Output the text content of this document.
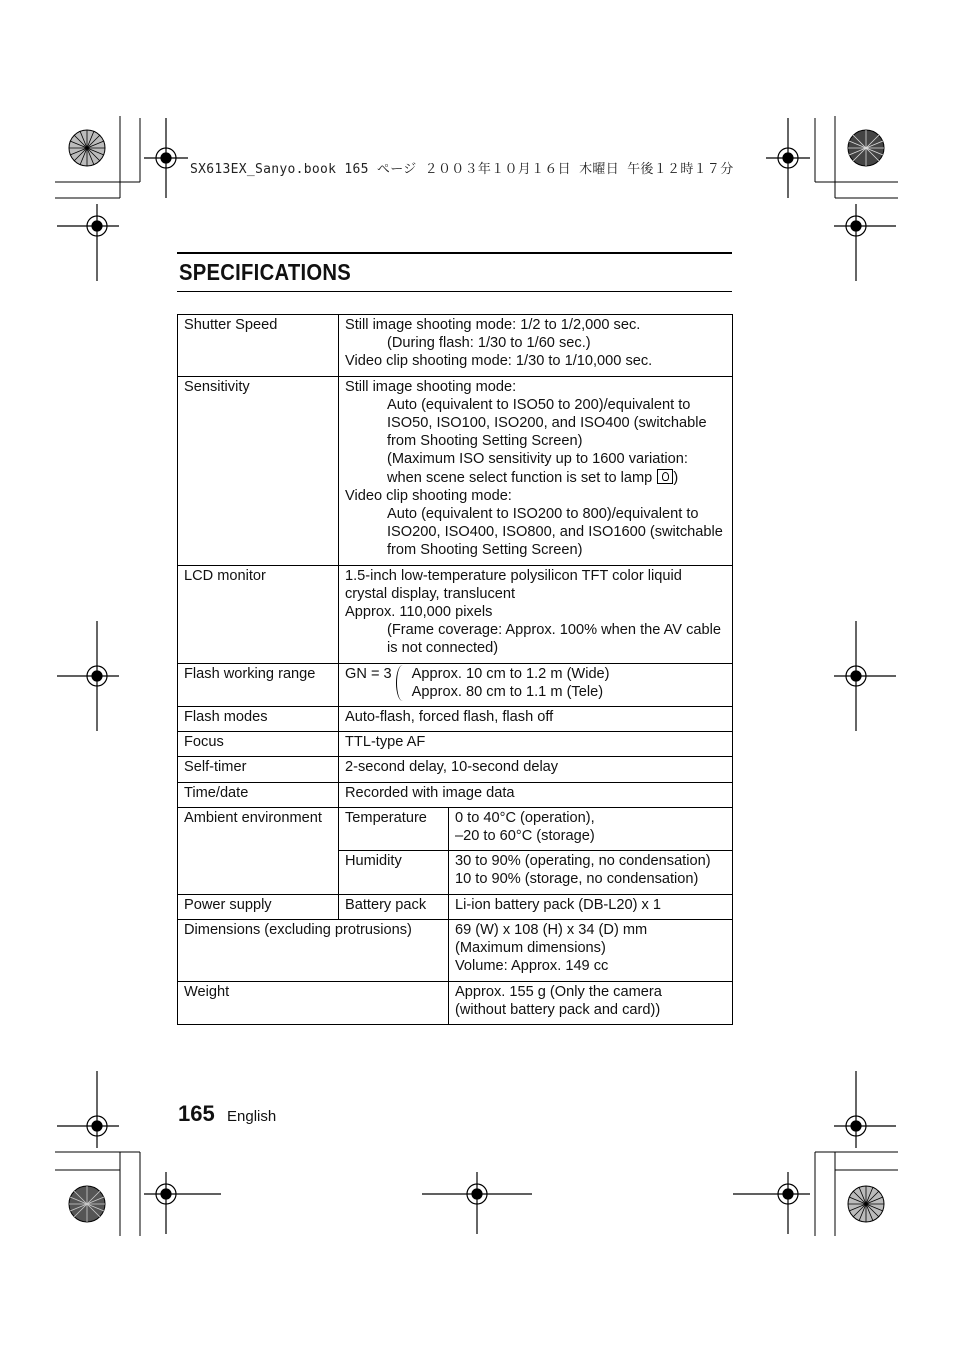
SX613EX_Sanyo.book 165 ページ ２００３年１０月１６日 木曜日 午後１２時１７分
SPECIFICATIONS
Shutter Speed	Still image shooting mode: 1/2 to 1/2,000 sec.
(During flash: 1/30 to 1/60 sec.)
Video clip shooting mode: 1/30 to 1/10,000 sec.	

Sensitivity	Still image shooting mode:
Auto (equivalent to ISO50 to 200)/equivalent to ISO50, ISO100, ISO200, and ISO400 (switchable from Shooting Setting Screen)
(Maximum ISO sensitivity up to 1600 variation: when scene select function is set to lamp )
Video clip shooting mode:
Auto (equivalent to ISO200 to 800)/equivalent to ISO200, ISO400, ISO800, and ISO1600 (switchable from Shooting Setting Screen)	

LCD monitor	1.5-inch low-temperature polysilicon TFT color liquid crystal display, translucent
Approx. 110,000 pixels
(Frame coverage: Approx. 100% when the AV cable is not connected)	

Flash working range	GN = 3 Approx. 10 cm to 1.2 m (Wide)
Approx. 80 cm to 1.1 m (Tele)	

Flash modes	Auto-flash, forced flash, flash off	
Focus	TTL-type AF	
Self-timer	2-second delay, 10-second delay	
Time/date	Recorded with image data	
Ambient environment	Temperature	0 to 40°C (operation),
–20 to 60°C (storage)

	Humidity	30 to 90% (operating, no condensation)
10 to 90% (storage, no condensation)

Power supply	Battery pack	Li-ion battery pack (DB-L20) x 1
Dimensions (excluding protrusions)		69 (W) x 108 (H) x 34 (D) mm
(Maximum dimensions)
Volume: Approx. 149 cc

Weight		Approx. 155 g (Only the camera
(without battery pack and card))
165 English
